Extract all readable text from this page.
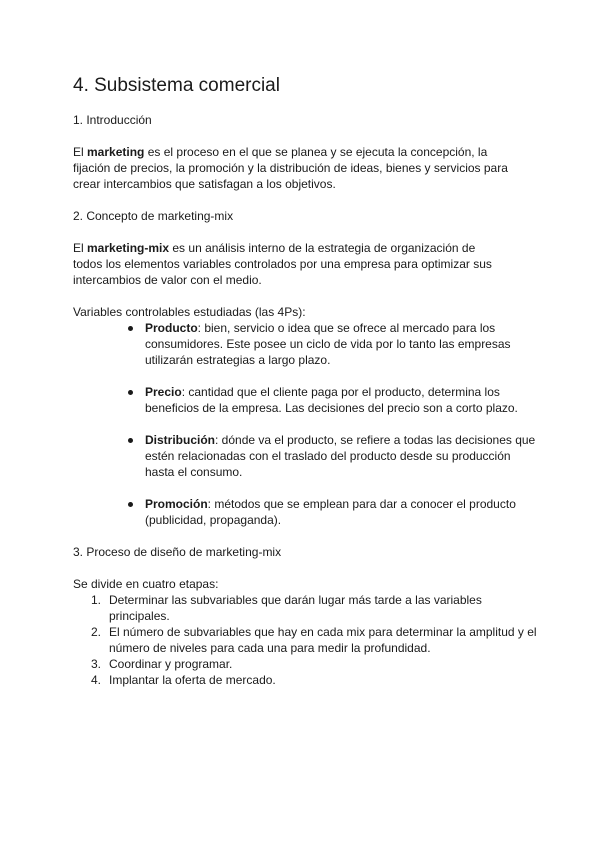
4. Subsistema comercial

1. Introducción

El marketing es el proceso en el que se planea y se ejecuta la concepción, la fijación de precios, la promoción y la distribución de ideas, bienes y servicios para crear intercambios que satisfagan a los objetivos.

2. Concepto de marketing-mix

El marketing-mix es un análisis interno de la estrategia de organización de todos los elementos variables controlados por una empresa para optimizar sus intercambios de valor con el medio.

Variables controlables estudiadas (las 4Ps):

Producto: bien, servicio o idea que se ofrece al mercado para los consumidores. Este posee un ciclo de vida por lo tanto las empresas utilizarán estrategias a largo plazo.
Precio: cantidad que el cliente paga por el producto, determina los beneficios de la empresa. Las decisiones del precio son a corto plazo.
Distribución: dónde va el producto, se refiere a todas las decisiones que estén relacionadas con el traslado del producto desde su producción hasta el consumo.
Promoción: métodos que se emplean para dar a conocer el producto (publicidad, propaganda).

3. Proceso de diseño de marketing-mix

Se divide en cuatro etapas:

1. Determinar las subvariables que darán lugar más tarde a las variables principales.
2. El número de subvariables que hay en cada mix para determinar la amplitud y el número de niveles para cada una para medir la profundidad.
3. Coordinar y programar.
4. Implantar la oferta de mercado.
